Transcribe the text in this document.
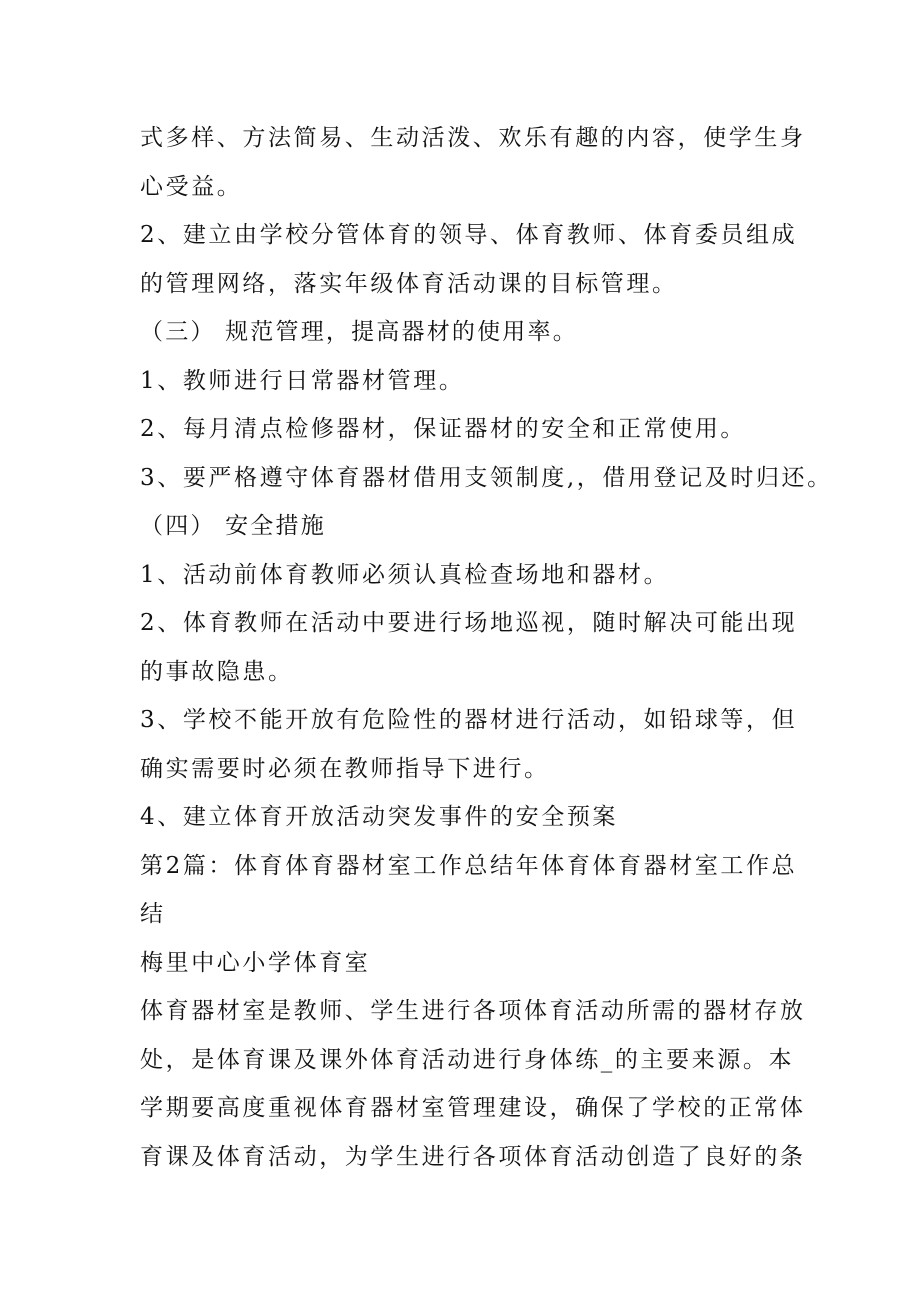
式多样、方法简易、生动活泼、欢乐有趣的内容，使学生身
心受益。
2、建立由学校分管体育的领导、体育教师、体育委员组成
的管理网络，落实年级体育活动课的目标管理。
（三） 规范管理，提高器材的使用率。
1、教师进行日常器材管理。
2、每月清点检修器材，保证器材的安全和正常使用。
3、要严格遵守体育器材借用支领制度,，借用登记及时归还。
（四） 安全措施
1、活动前体育教师必须认真检查场地和器材。
2、体育教师在活动中要进行场地巡视，随时解决可能出现
的事故隐患。
3、学校不能开放有危险性的器材进行活动，如铅球等，但
确实需要时必须在教师指导下进行。
4、建立体育开放活动突发事件的安全预案
第2篇：体育体育器材室工作总结年体育体育器材室工作总
结
梅里中心小学体育室
体育器材室是教师、学生进行各项体育活动所需的器材存放
处，是体育课及课外体育活动进行身体练_的主要来源。本
学期要高度重视体育器材室管理建设，确保了学校的正常体
育课及体育活动，为学生进行各项体育活动创造了良好的条
